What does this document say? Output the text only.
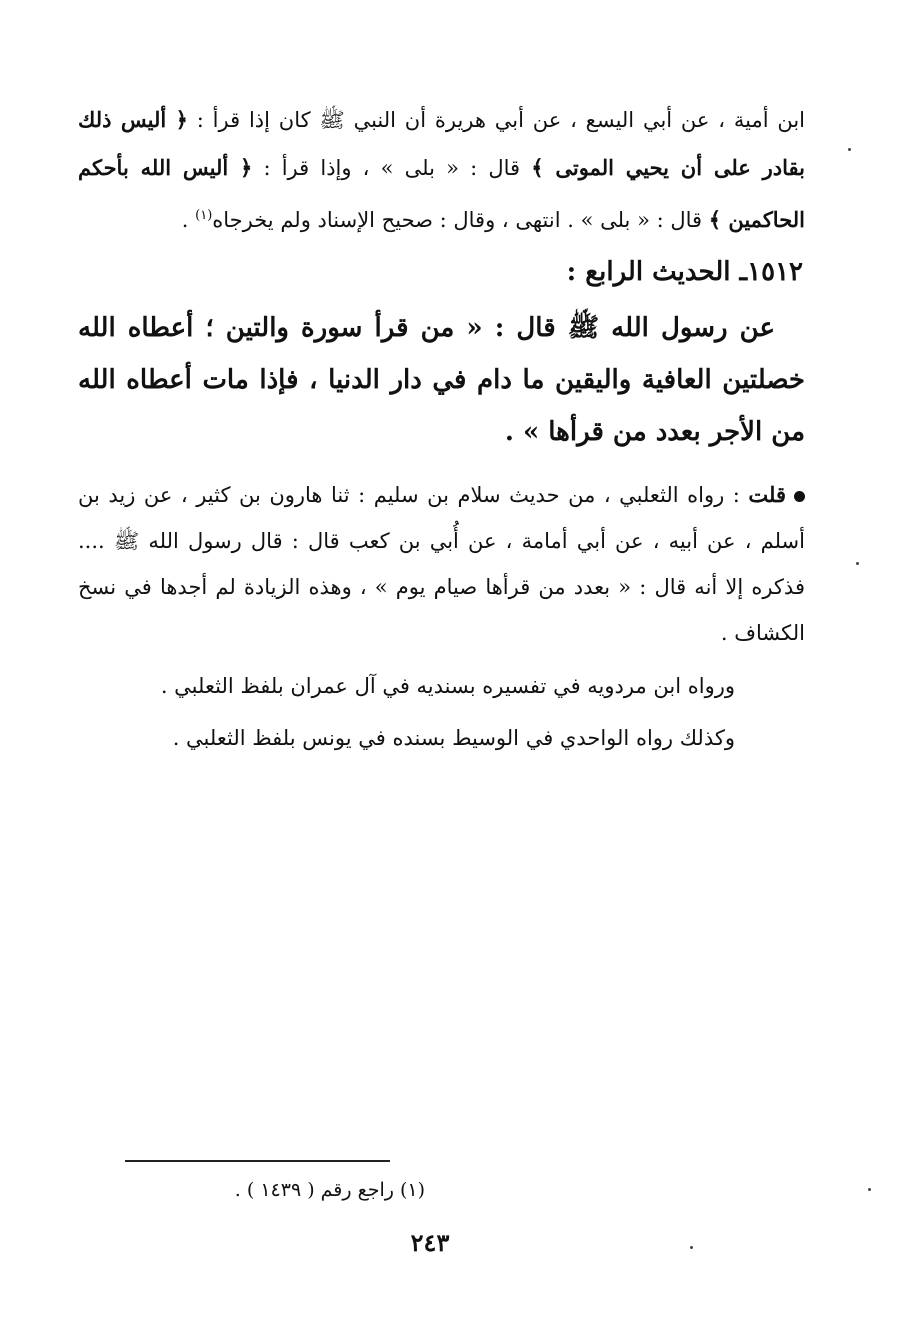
ابن أمية ، عن أبي اليسع ، عن أبي هريرة أن النبي ﷺ كان إذا قرأ : ﴿ أليس ذلك بقادر على أن يحيي الموتى ﴾ قال : « بلى » ، وإذا قرأ : ﴿ أليس الله بأحكم الحاكمين ﴾ قال : « بلى » . انتهى ، وقال : صحيح الإسناد ولم يخرجاه$^{(١)}$ .
١٥١٢ـ الحديث الرابع :
عن رسول الله ﷺ قال : « من قرأ سورة والتين ؛ أعطاه الله خصلتين العافية واليقين ما دام في دار الدنيا ، فإذا مات أعطاه الله من الأجر بعدد من قرأها » .
قلت : رواه الثعلبي ، من حديث سلام بن سليم : ثنا هارون بن كثير ، عن زيد بن أسلم ، عن أبيه ، عن أبي أمامة ، عن أُبي بن كعب قال : قال رسول الله ﷺ .... فذكره إلا أنه قال : « بعدد من قرأها صيام يوم » ، وهذه الزيادة لم أجدها في نسخ الكشاف .
ورواه ابن مردويه في تفسيره بسنديه في آل عمران بلفظ الثعلبي .
وكذلك رواه الواحدي في الوسيط بسنده في يونس بلفظ الثعلبي .
(١) راجع رقم ( ١٤٣٩ ) .
٢٤٣
